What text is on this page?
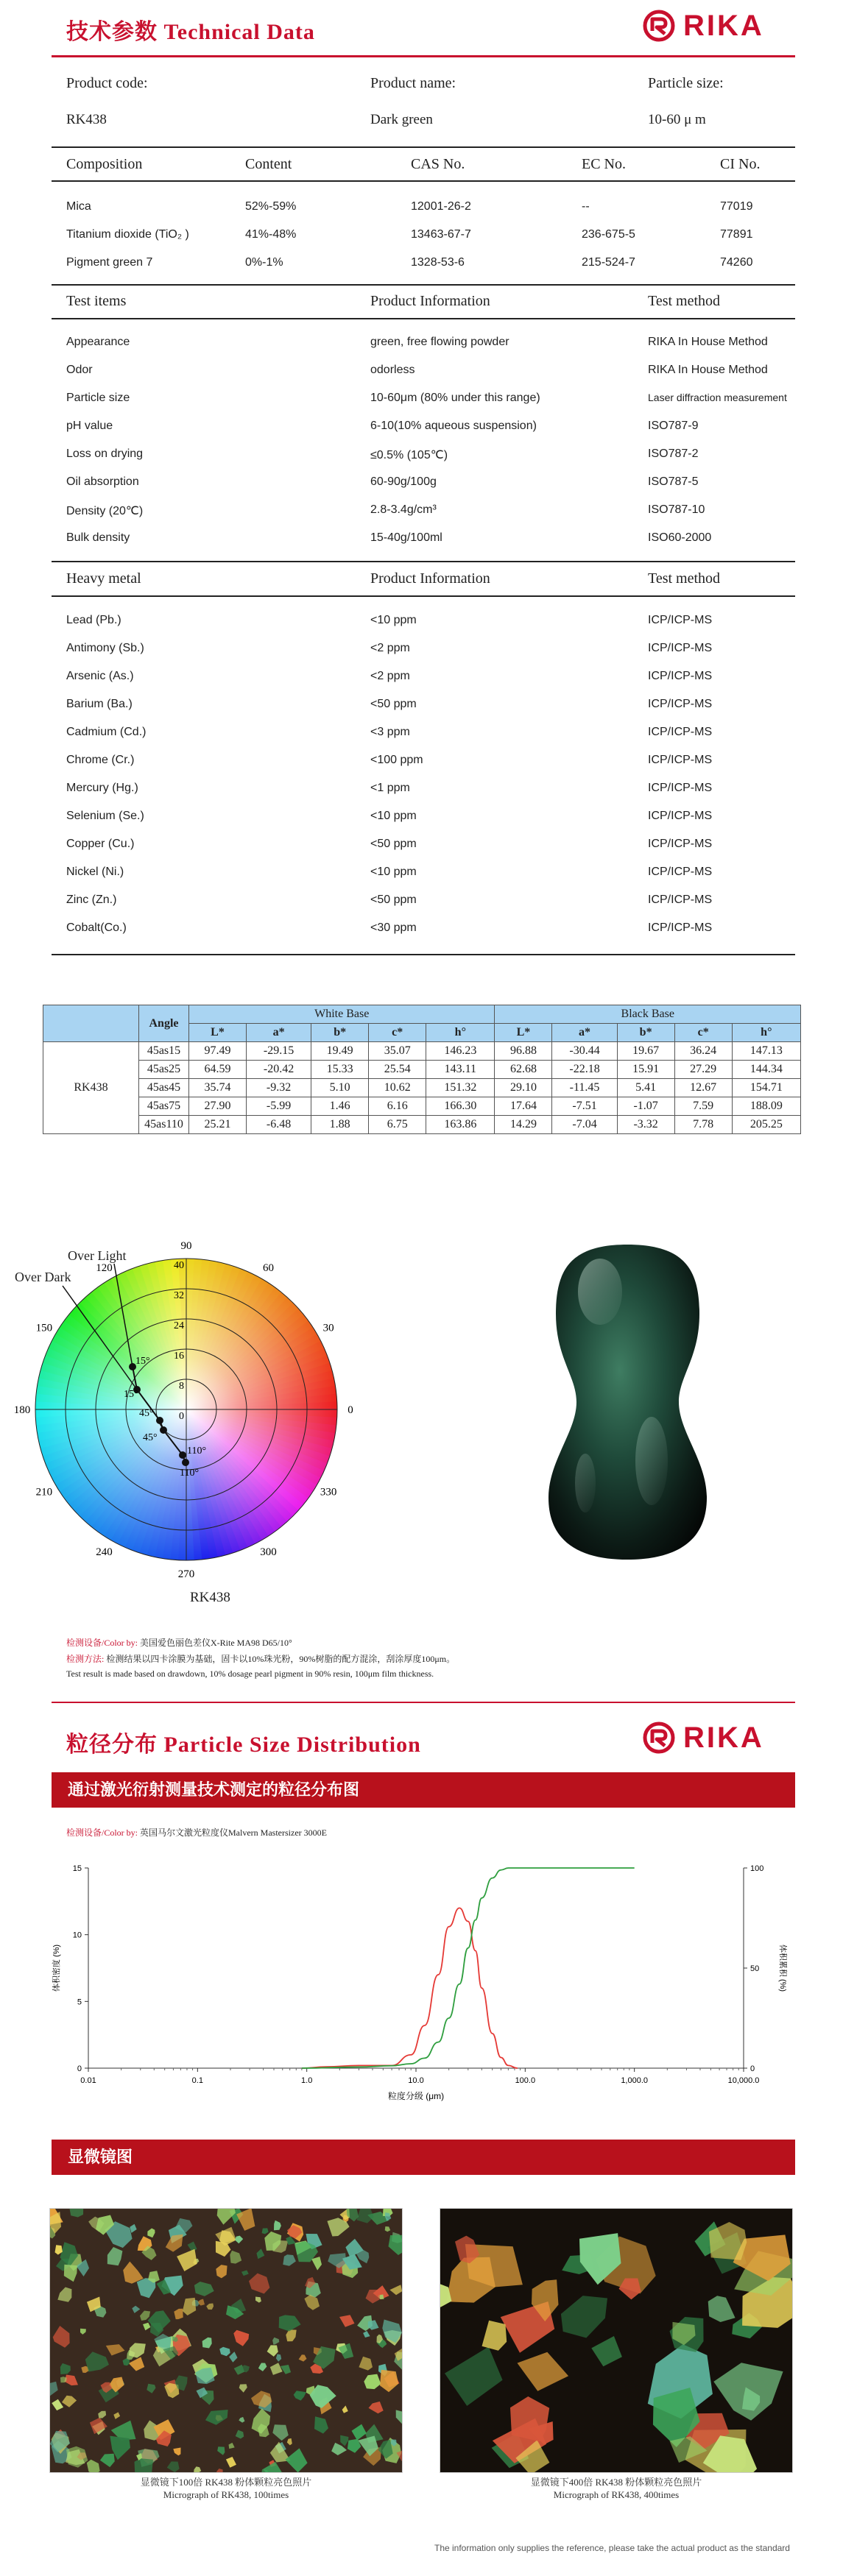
技术参数 Technical Data	RIKA
Product code:	Product name:	Particle size:
RK438	Dark green	10-60 μ m
Composition	Content	CAS No.	EC No.	CI No.
Mica	52%-59%	12001-26-2	--	77019
Titanium dioxide (TiO₂ )	41%-48%	13463-67-7	236-675-5	77891
Pigment green 7	0%-1%	1328-53-6	215-524-7	74260
Test items	Product Information	Test method
Appearance	green, free flowing powder	RIKA In House Method
Odor	odorless	RIKA In House Method
Particle size	10-60μm (80% under this range)	Laser diffraction measurement
pH value	6-10(10% aqueous suspension)	ISO787-9
Loss on drying	≤0.5% (105℃)	ISO787-2
Oil absorption	60-90g/100g	ISO787-5
Density (20℃)	2.8-3.4g/cm³	ISO787-10
Bulk density	15-40g/100ml	ISO60-2000
Heavy metal	Product Information	Test method
Lead (Pb.)	<10 ppm	ICP/ICP-MS
Antimony (Sb.)	<2 ppm	ICP/ICP-MS
Arsenic (As.)	<2 ppm	ICP/ICP-MS
Barium (Ba.)	<50 ppm	ICP/ICP-MS
Cadmium (Cd.)	<3 ppm	ICP/ICP-MS
Chrome (Cr.)	<100 ppm	ICP/ICP-MS
Mercury (Hg.)	<1 ppm	ICP/ICP-MS
Selenium (Se.)	<10 ppm	ICP/ICP-MS
Copper (Cu.)	<50 ppm	ICP/ICP-MS
Nickel (Ni.)	<10 ppm	ICP/ICP-MS
Zinc (Zn.)	<50 ppm	ICP/ICP-MS
Cobalt(Co.)	<30 ppm	ICP/ICP-MS
	Angle	White Base					Black Base				
		L*	a*	b*	c*	h°	L*	a*	b*	c*	h°
RK438	45as15	97.49	-29.15	19.49	35.07	146.23	96.88	-30.44	19.67	36.24	147.13
	45as25	64.59	-20.42	15.33	25.54	143.11	62.68	-22.18	15.91	27.29	144.34
	45as45	35.74	-9.32	5.10	10.62	151.32	29.10	-11.45	5.41	12.67	154.71
	45as75	27.90	-5.99	1.46	6.16	166.30	17.64	-7.51	-1.07	7.59	188.09
	45as110	25.21	-6.48	1.88	6.75	163.86	14.29	-7.04	-3.32	7.78	205.25
90
120	60
150	30
180	0
210	330
240	300
270
40
32
24
16
8
0
15°
15°
45°
45°
110°
110°
Over Light
Over Dark
RK438
检测设备/Color by: 美国爱色丽色差仪X-Rite MA98 D65/10°
检测方法: 检测结果以四卡涂膜为基础，固卡以10%珠光粉，90%树脂的配方混涂，刮涂厚度100μm。
Test result is made based on drawdown, 10% dosage pearl pigment in 90% resin, 100μm film thickness.
粒径分布 Particle Size Distribution	RIKA
通过激光衍射测量技术测定的粒径分布图
检测设备/Color by: 英国马尔文激光粒度仪Malvern Mastersizer 3000E
0.01	0.1	1.0	10.0	100.0	1,000.0	10,000.0
0
5
10
15
0
50
100
粒度分级 (μm)
体积密度 (%)	体积累积 (%)
显微镜图
显微镜下100倍 RK438 粉体颗粒亮色照片
Micrograph of RK438, 100times
显微镜下400倍 RK438 粉体颗粒亮色照片
Micrograph of RK438, 400times
The information only supplies the reference, please take the actual product as the standard
